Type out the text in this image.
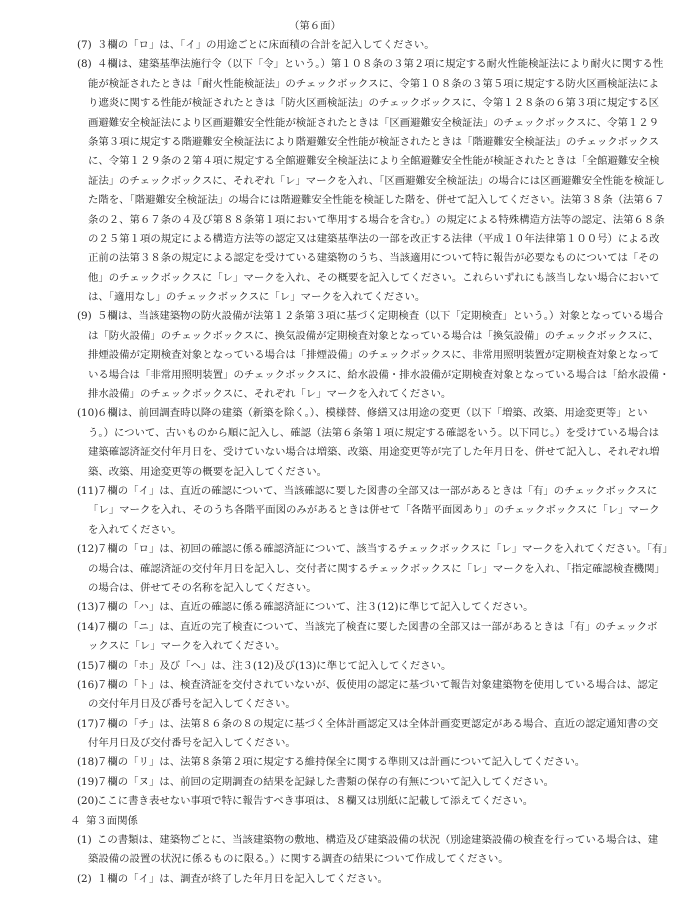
（第６面）
(7) ３欄の「ロ」は、「イ」の用途ごとに床面積の合計を記入してください。
(8) ４欄は、建築基準法施行令（以下「令」という。）第１０８条の３第２項に規定する耐火性能検証法により耐火に関する性
能が検証されたときは「耐火性能検証法」のチェックボックスに、令第１０８条の３第５項に規定する防火区画検証法によ
り遮炎に関する性能が検証されたときは「防火区画検証法」のチェックボックスに、令第１２８条の６第３項に規定する区
画避難安全検証法により区画避難安全性能が検証されたときは「区画避難安全検証法」のチェックボックスに、令第１２９
条第３項に規定する階避難安全検証法により階避難安全性能が検証されたときは「階避難安全検証法」のチェックボックス
に、令第１２９条の２第４項に規定する全館避難安全検証法により全館避難安全性能が検証されたときは「全館避難安全検
証法」のチェックボックスに、それぞれ「レ」マークを入れ、「区画避難安全検証法」の場合には区画避難安全性能を検証し
た階を、「階避難安全検証法」の場合には階避難安全性能を検証した階を、併せて記入してください。法第３８条（法第６７
条の２、第６７条の４及び第８８条第１項において準用する場合を含む。）の規定による特殊構造方法等の認定、法第６８条
の２５第１項の規定による構造方法等の認定又は建築基準法の一部を改正する法律（平成１０年法律第１００号）による改
正前の法第３８条の規定による認定を受けている建築物のうち、当該適用について特に報告が必要なものについては「その
他」のチェックボックスに「レ」マークを入れ、その概要を記入してください。これらいずれにも該当しない場合において
は、「適用なし」のチェックボックスに「レ」マークを入れてください。
(9) ５欄は、当該建築物の防火設備が法第１２条第３項に基づく定期検査（以下「定期検査」という。）対象となっている場合
は「防火設備」のチェックボックスに、換気設備が定期検査対象となっている場合は「換気設備」のチェックボックスに、
排煙設備が定期検査対象となっている場合は「排煙設備」のチェックボックスに、非常用照明装置が定期検査対象となって
いる場合は「非常用照明装置」のチェックボックスに、給水設備・排水設備が定期検査対象となっている場合は「給水設備・
排水設備」のチェックボックスに、それぞれ「レ」マークを入れてください。
(10)
６欄は、前回調査時以降の建築（新築を除く。）、模様替、修繕又は用途の変更（以下「増築、改築、用途変更等」とい
う。）について、古いものから順に記入し、確認（法第６条第１項に規定する確認をいう。以下同じ。）を受けている場合は
建築確認済証交付年月日を、受けていない場合は増築、改築、用途変更等が完了した年月日を、併せて記入し、それぞれ増
築、改築、用途変更等の概要を記入してください。
(11)
７欄の「イ」は、直近の確認について、当該確認に要した図書の全部又は一部があるときは「有」のチェックボックスに
「レ」マークを入れ、そのうち各階平面図のみがあるときは併せて「各階平面図あり」のチェックボックスに「レ」マーク
を入れてください。
(12)
７欄の「ロ」は、初回の確認に係る確認済証について、該当するチェックボックスに「レ」マークを入れてください。「有」
の場合は、確認済証の交付年月日を記入し、交付者に関するチェックボックスに「レ」マークを入れ、「指定確認検査機関」
の場合は、併せてその名称を記入してください。
(13)
７欄の「ハ」は、直近の確認に係る確認済証について、注３(12)に準じて記入してください。
(14)
７欄の「ニ」は、直近の完了検査について、当該完了検査に要した図書の全部又は一部があるときは「有」のチェックボ
ックスに「レ」マークを入れてください。
(15)
７欄の「ホ」及び「ヘ」は、注３(12)及び(13)に準じて記入してください。
(16)
７欄の「ト」は、検査済証を交付されていないが、仮使用の認定に基づいて報告対象建築物を使用している場合は、認定
の交付年月日及び番号を記入してください。
(17)
７欄の「チ」は、法第８６条の８の規定に基づく全体計画認定又は全体計画変更認定がある場合、直近の認定通知書の交
付年月日及び交付番号を記入してください。
(18)
７欄の「リ」は、法第８条第２項に規定する維持保全に関する準則又は計画について記入してください。
(19)
７欄の「ヌ」は、前回の定期調査の結果を記録した書類の保存の有無について記入してください。
(20)
ここに書き表せない事項で特に報告すべき事項は、８欄又は別紙に記載して添えてください。
４ 第３面関係
(1) この書類は、建築物ごとに、当該建築物の敷地、構造及び建築設備の状況（別途建築設備の検査を行っている場合は、建
築設備の設置の状況に係るものに限る。）に関する調査の結果について作成してください。
(2) １欄の「イ」は、調査が終了した年月日を記入してください。
